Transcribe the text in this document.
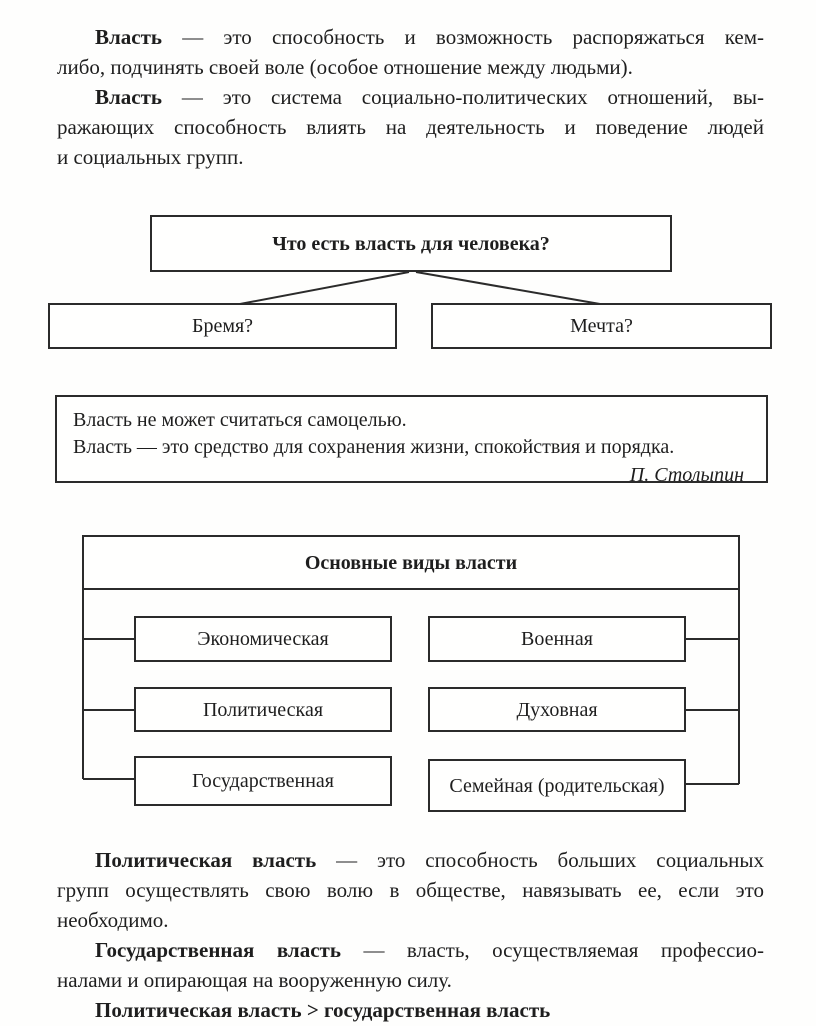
Власть — это способность и возможность распоряжаться кем-
либо, подчинять своей воле (особое отношение между людьми).
Власть — это система социально-политических отношений, вы-
ражающих способность влиять на деятельность и поведение людей
и социальных групп.
Что есть власть для человека?
Бремя?	Мечта?
Власть не может считаться самоцелью.
Власть — это средство для сохранения жизни, спокойствия и порядка.
П. Столыпин
Основные виды власти
Экономическая
Политическая
Государственная
Военная
Духовная
Семейная (родительская)
Политическая власть — это способность больших социальных
групп осуществлять свою волю в обществе, навязывать ее, если это
необходимо.
Государственная власть — власть, осуществляемая профессио-
налами и опирающая на вооруженную силу.
Политическая власть > государственная власть
